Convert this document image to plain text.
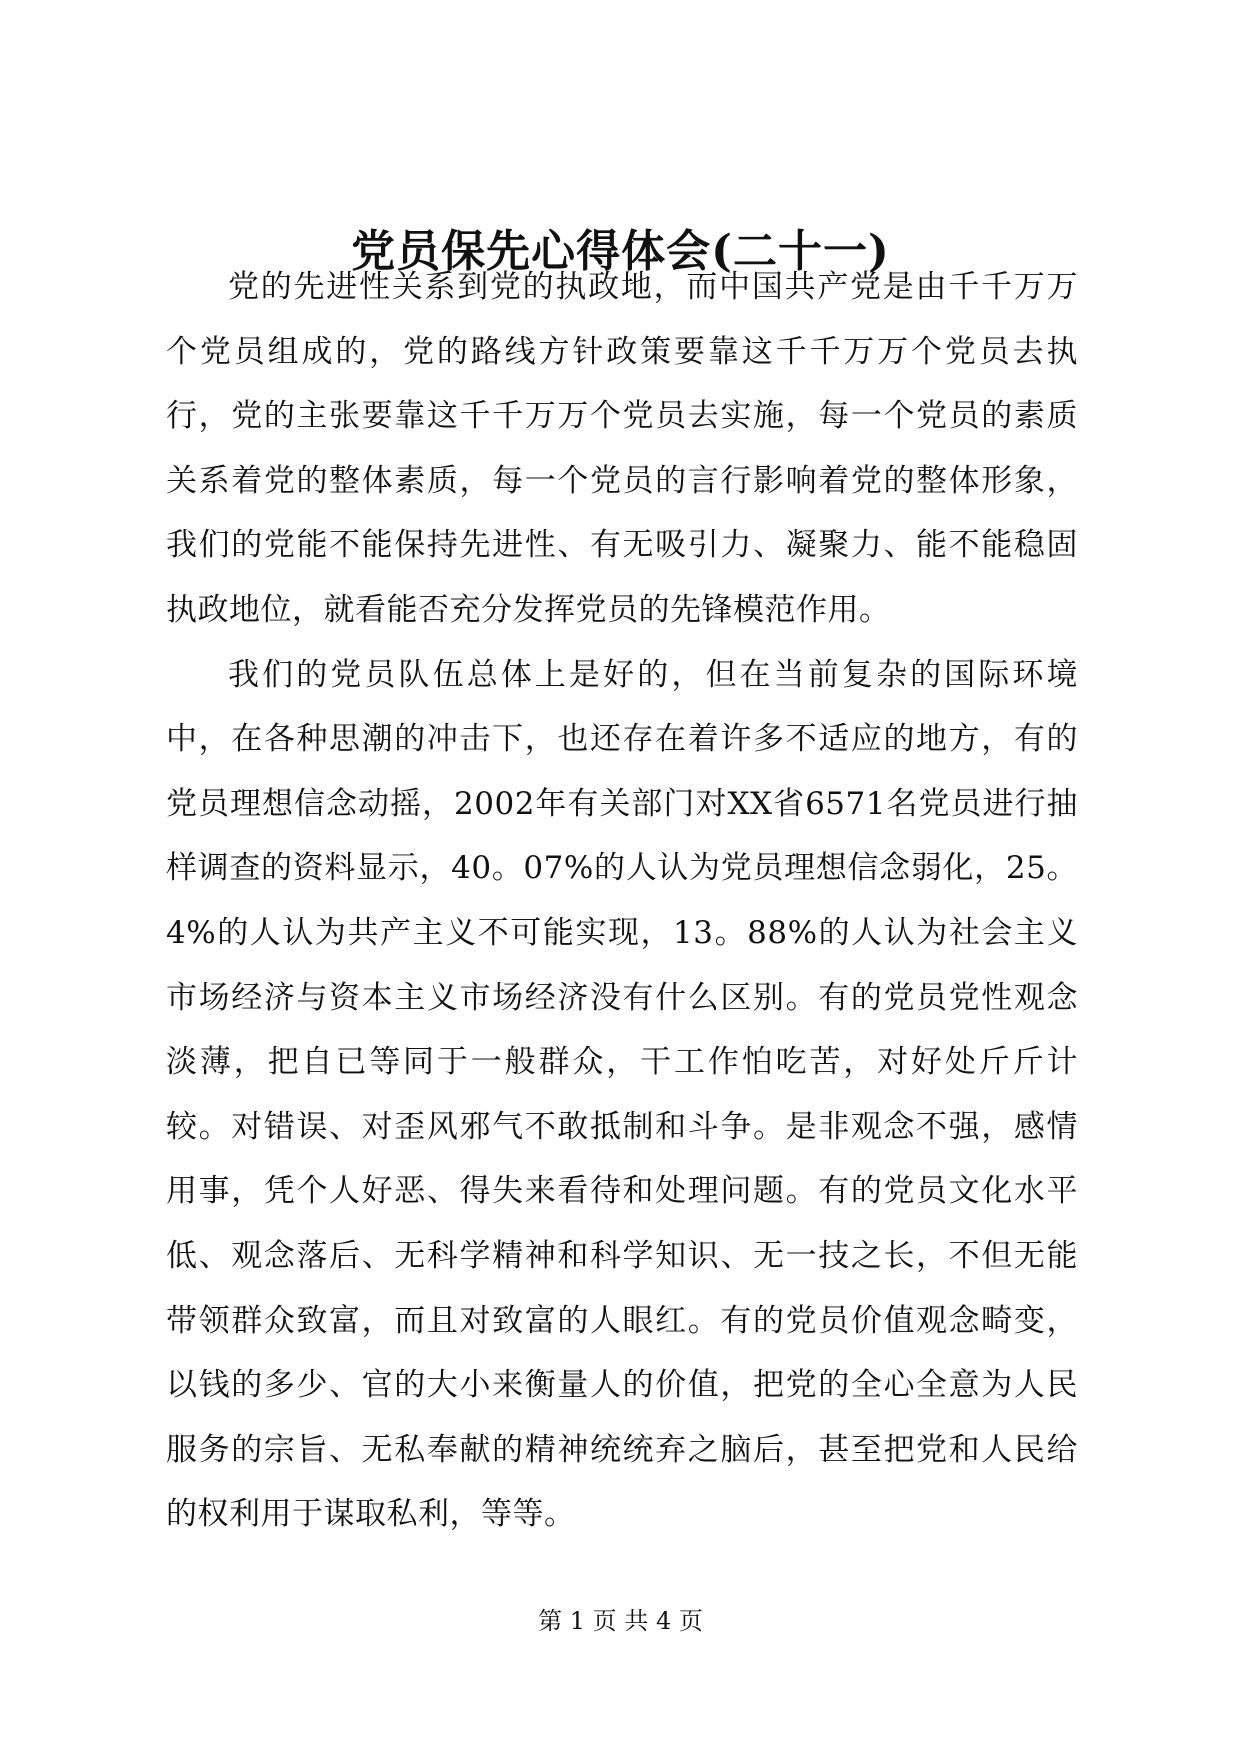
党员保先心得体会(二十一)

党的先进性关系到党的执政地，而中国共产党是由千千万万个党员组成的，党的路线方针政策要靠这千千万万个党员去执行，党的主张要靠这千千万万个党员去实施，每一个党员的素质关系着党的整体素质，每一个党员的言行影响着党的整体形象，我们的党能不能保持先进性、有无吸引力、凝聚力、能不能稳固执政地位，就看能否充分发挥党员的先锋模范作用。

我们的党员队伍总体上是好的，但在当前复杂的国际环境中，在各种思潮的冲击下，也还存在着许多不适应的地方，有的党员理想信念动摇，2002年有关部门对XX省6571名党员进行抽样调查的资料显示，40。07%的人认为党员理想信念弱化，25。4%的人认为共产主义不可能实现，13。88%的人认为社会主义市场经济与资本主义市场经济没有什么区别。有的党员党性观念淡薄，把自已等同于一般群众，干工作怕吃苦，对好处斤斤计较。对错误、对歪风邪气不敢抵制和斗争。是非观念不强，感情用事，凭个人好恶、得失来看待和处理问题。有的党员文化水平低、观念落后、无科学精神和科学知识、无一技之长，不但无能带领群众致富，而且对致富的人眼红。有的党员价值观念畸变，以钱的多少、官的大小来衡量人的价值，把党的全心全意为人民服务的宗旨、无私奉献的精神统统弃之脑后，甚至把党和人民给的权利用于谋取私利，等等。

第 1 页 共 4 页
